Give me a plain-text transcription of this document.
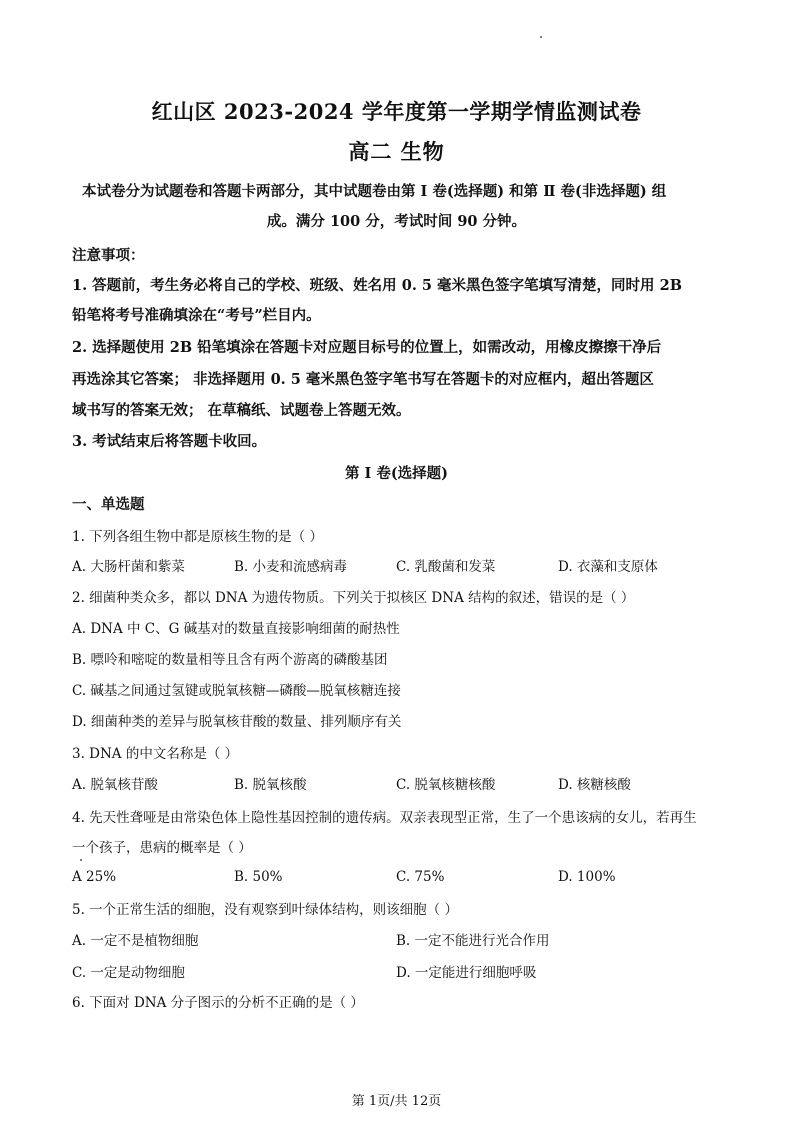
红山区 2023-2024 学年度第一学期学情监测试卷
高二 生物
本试卷分为试题卷和答题卡两部分，其中试题卷由第 I 卷(选择题) 和第 Ⅱ 卷(非选择题) 组
成。满分 100 分，考试时间 90 分钟。
注意事项：
1. 答题前，考生务必将自己的学校、班级、姓名用 0. 5 毫米黑色签字笔填写清楚，同时用 2B
铅笔将考号准确填涂在“考号”栏目内。
2. 选择题使用 2B 铅笔填涂在答题卡对应题目标号的位置上，如需改动，用橡皮擦擦干净后
再选涂其它答案； 非选择题用 0. 5 毫米黑色签字笔书写在答题卡的对应框内，超出答题区
域书写的答案无效； 在草稿纸、试题卷上答题无效。
3. 考试结束后将答题卡收回。
第 Ⅰ 卷(选择题)
一、单选题
1. 下列各组生物中都是原核生物的是（ ）
A. 大肠杆菌和紫菜	B. 小麦和流感病毒	C. 乳酸菌和发菜	D. 衣藻和支原体
2. 细菌种类众多，都以 DNA 为遗传物质。下列关于拟核区 DNA 结构的叙述，错误的是（ ）
A. DNA 中 C、G 碱基对的数量直接影响细菌的耐热性
B. 嘌呤和嘧啶的数量相等且含有两个游离的磷酸基团
C. 碱基之间通过氢键或脱氧核糖—磷酸—脱氧核糖连接
D. 细菌种类的差异与脱氧核苷酸的数量、排列顺序有关
3. DNA 的中文名称是（ ）
A. 脱氧核苷酸	B. 脱氧核酸	C. 脱氧核糖核酸	D. 核糖核酸
4. 先天性聋哑是由常染色体上隐性基因控制的遗传病。双亲表现型正常，生了一个患该病的女儿，若再生
一个孩子，患病的概率是（ ）
A 25%	B. 50%	C. 75%	D. 100%
5. 一个正常生活的细胞，没有观察到叶绿体结构，则该细胞（ ）
A. 一定不是植物细胞	B. 一定不能进行光合作用
C. 一定是动物细胞	D. 一定能进行细胞呼吸
6. 下面对 DNA 分子图示的分析不正确的是（ ）
第 1页/共 12页
